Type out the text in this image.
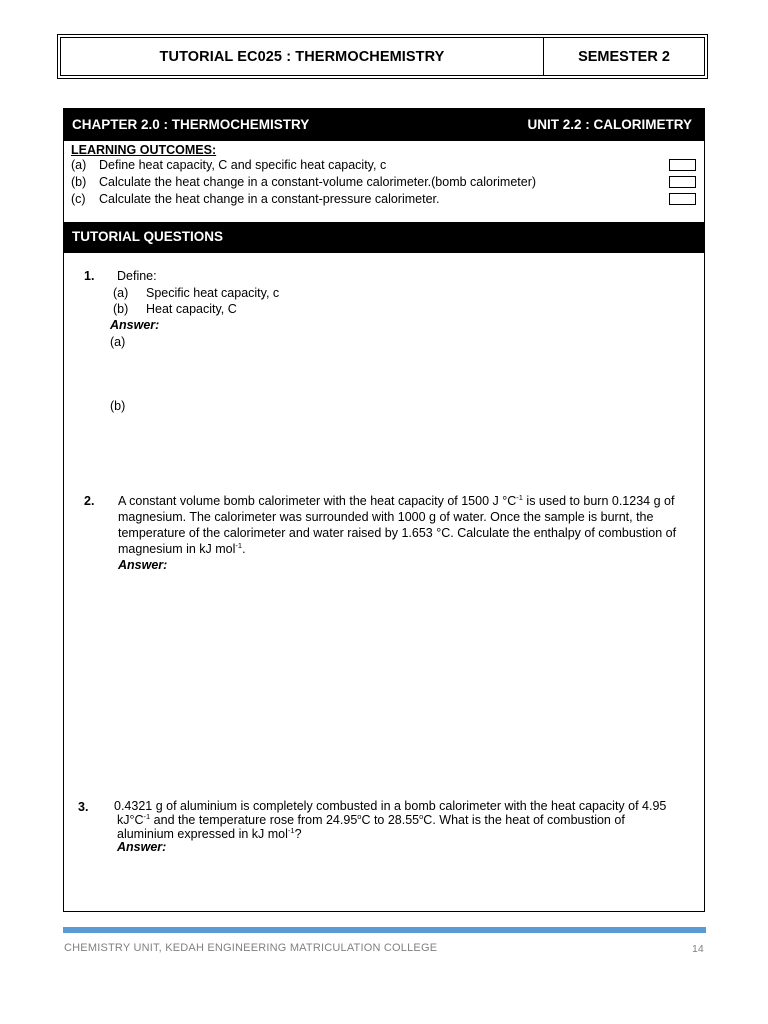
TUTORIAL EC025 : THERMOCHEMISTRY	SEMESTER 2
CHAPTER 2.0 : THERMOCHEMISTRY	UNIT 2.2 : CALORIMETRY
LEARNING OUTCOMES:
(a) Define heat capacity, C and specific heat capacity, c
(b) Calculate the heat change in a constant-volume calorimeter.(bomb calorimeter)
(c) Calculate the heat change in a constant-pressure calorimeter.
TUTORIAL QUESTIONS
1. Define:
(a) Specific heat capacity, c
(b) Heat capacity, C
Answer:
(a)
(b)
2. A constant volume bomb calorimeter with the heat capacity of 1500 J $^\circ C^{-1}$ is used to burn 0.1234 g of
magnesium. The calorimeter was surrounded with 1000 g of water. Once the sample is burnt, the
temperature of the calorimeter and water raised by 1.653 °C. Calculate the enthalpy of combustion of
magnesium in kJ mol$^{-1}$.
Answer:
3. 0.4321 g of aluminium is completely combusted in a bomb calorimeter with the heat capacity of 4.95
$kJ^\circ C^{-1}$ and the temperature rose from 24.95$^o$C to 28.55$^o$C. What is the heat of combustion of
aluminium expressed in kJ mol$^{-1}$?
Answer:
CHEMISTRY UNIT, KEDAH ENGINEERING MATRICULATION COLLEGE	14
